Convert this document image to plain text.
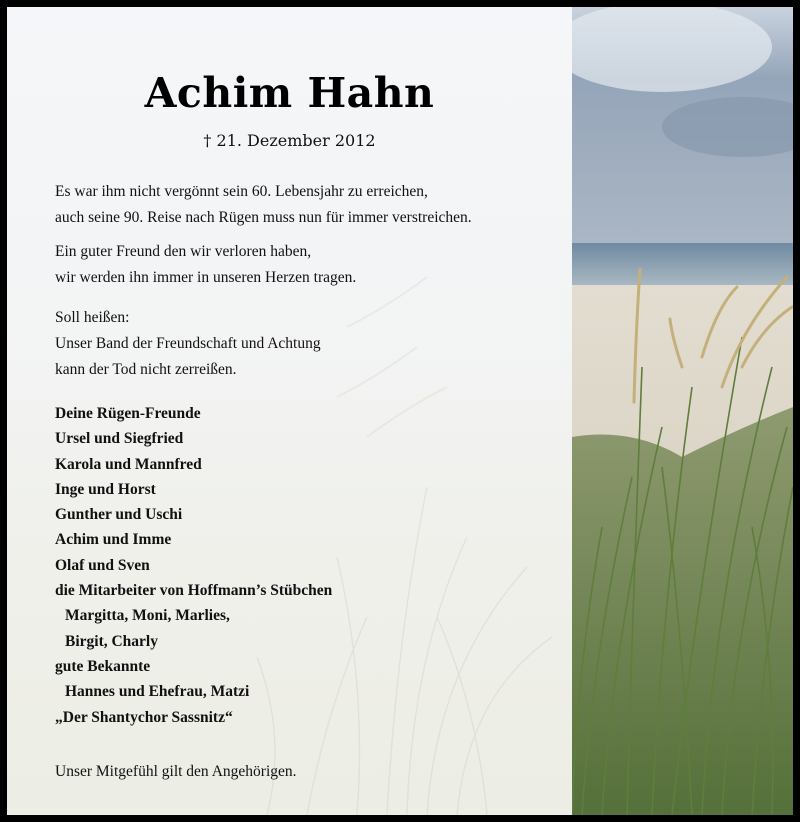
Achim Hahn
† 21. Dezember 2012
Es war ihm nicht vergönnt sein 60. Lebensjahr zu erreichen,
auch seine 90. Reise nach Rügen muss nun für immer verstreichen.
Ein guter Freund den wir verloren haben,
wir werden ihn immer in unseren Herzen tragen.
Soll heißen:
Unser Band der Freundschaft und Achtung
kann der Tod nicht zerreißen.
Deine Rügen-Freunde
Ursel und Siegfried
Karola und Mannfred
Inge und Horst
Gunther und Uschi
Achim und Imme
Olaf und Sven
die Mitarbeiter von Hoffmann’s Stübchen
Margitta, Moni, Marlies,
Birgit, Charly
gute Bekannte
Hannes und Ehefrau, Matzi
„Der Shantychor Sassnitz“
Unser Mitgefühl gilt den Angehörigen.
